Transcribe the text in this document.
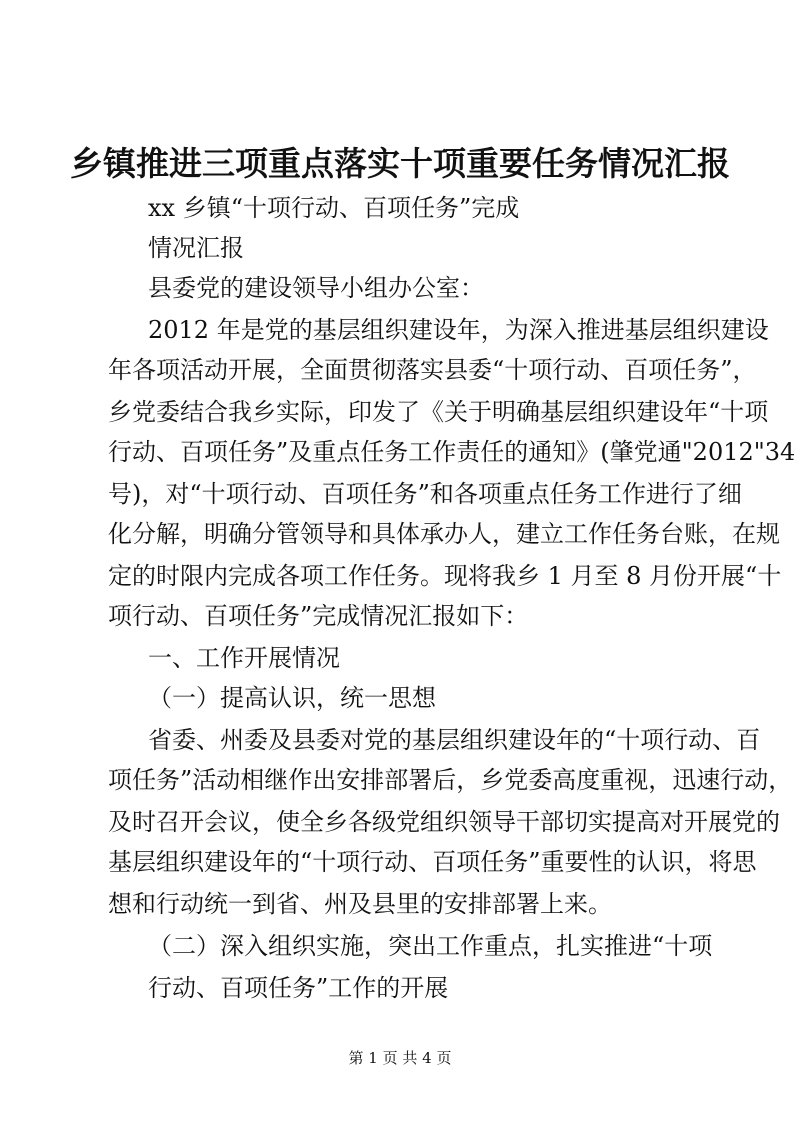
乡镇推进三项重点落实十项重要任务情况汇报
xx 乡镇“十项行动、百项任务”完成
情况汇报
县委党的建设领导小组办公室：
2012 年是党的基层组织建设年，为深入推进基层组织建设
年各项活动开展，全面贯彻落实县委“十项行动、百项任务”，
乡党委结合我乡实际，印发了《关于明确基层组织建设年“十项
行动、百项任务”及重点任务工作责任的通知》(肇党通"2012"34
号)，对“十项行动、百项任务”和各项重点任务工作进行了细
化分解，明确分管领导和具体承办人，建立工作任务台账，在规
定的时限内完成各项工作任务。现将我乡 1 月至 8 月份开展“十
项行动、百项任务”完成情况汇报如下：
一、工作开展情况
（一）提高认识，统一思想
省委、州委及县委对党的基层组织建设年的“十项行动、百
项任务”活动相继作出安排部署后，乡党委高度重视，迅速行动，
及时召开会议，使全乡各级党组织领导干部切实提高对开展党的
基层组织建设年的“十项行动、百项任务”重要性的认识，将思
想和行动统一到省、州及县里的安排部署上来。
（二）深入组织实施，突出工作重点，扎实推进“十项
行动、百项任务”工作的开展
第 1 页 共 4 页
